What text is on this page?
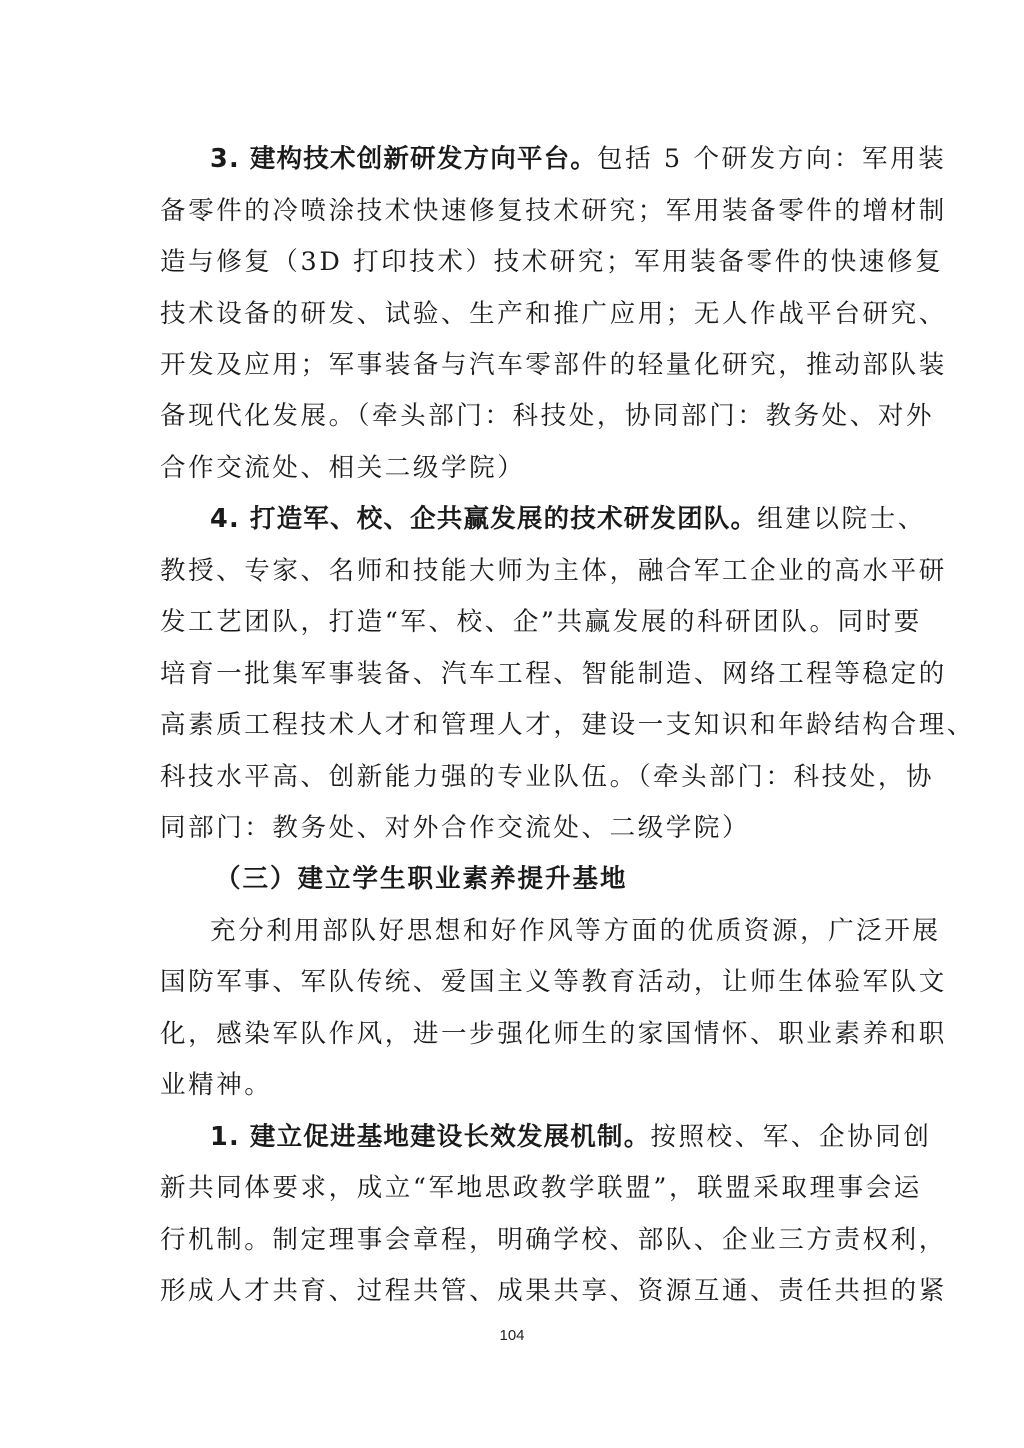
3. 建构技术创新研发方向平台。包括 5 个研发方向：军用装
备零件的冷喷涂技术快速修复技术研究；军用装备零件的增材制
造与修复（3D 打印技术）技术研究；军用装备零件的快速修复
技术设备的研发、试验、生产和推广应用；无人作战平台研究、
开发及应用；军事装备与汽车零部件的轻量化研究，推动部队装
备现代化发展。（牵头部门：科技处，协同部门：教务处、对外
合作交流处、相关二级学院）
4. 打造军、校、企共赢发展的技术研发团队。组建以院士、
教授、专家、名师和技能大师为主体，融合军工企业的高水平研
发工艺团队，打造“军、校、企”共赢发展的科研团队。同时要
培育一批集军事装备、汽车工程、智能制造、网络工程等稳定的
高素质工程技术人才和管理人才，建设一支知识和年龄结构合理、
科技水平高、创新能力强的专业队伍。（牵头部门：科技处，协
同部门：教务处、对外合作交流处、二级学院）
（三）建立学生职业素养提升基地
充分利用部队好思想和好作风等方面的优质资源，广泛开展
国防军事、军队传统、爱国主义等教育活动，让师生体验军队文
化，感染军队作风，进一步强化师生的家国情怀、职业素养和职
业精神。
1. 建立促进基地建设长效发展机制。按照校、军、企协同创
新共同体要求，成立“军地思政教学联盟”，联盟采取理事会运
行机制。制定理事会章程，明确学校、部队、企业三方责权利，
形成人才共育、过程共管、成果共享、资源互通、责任共担的紧
104
